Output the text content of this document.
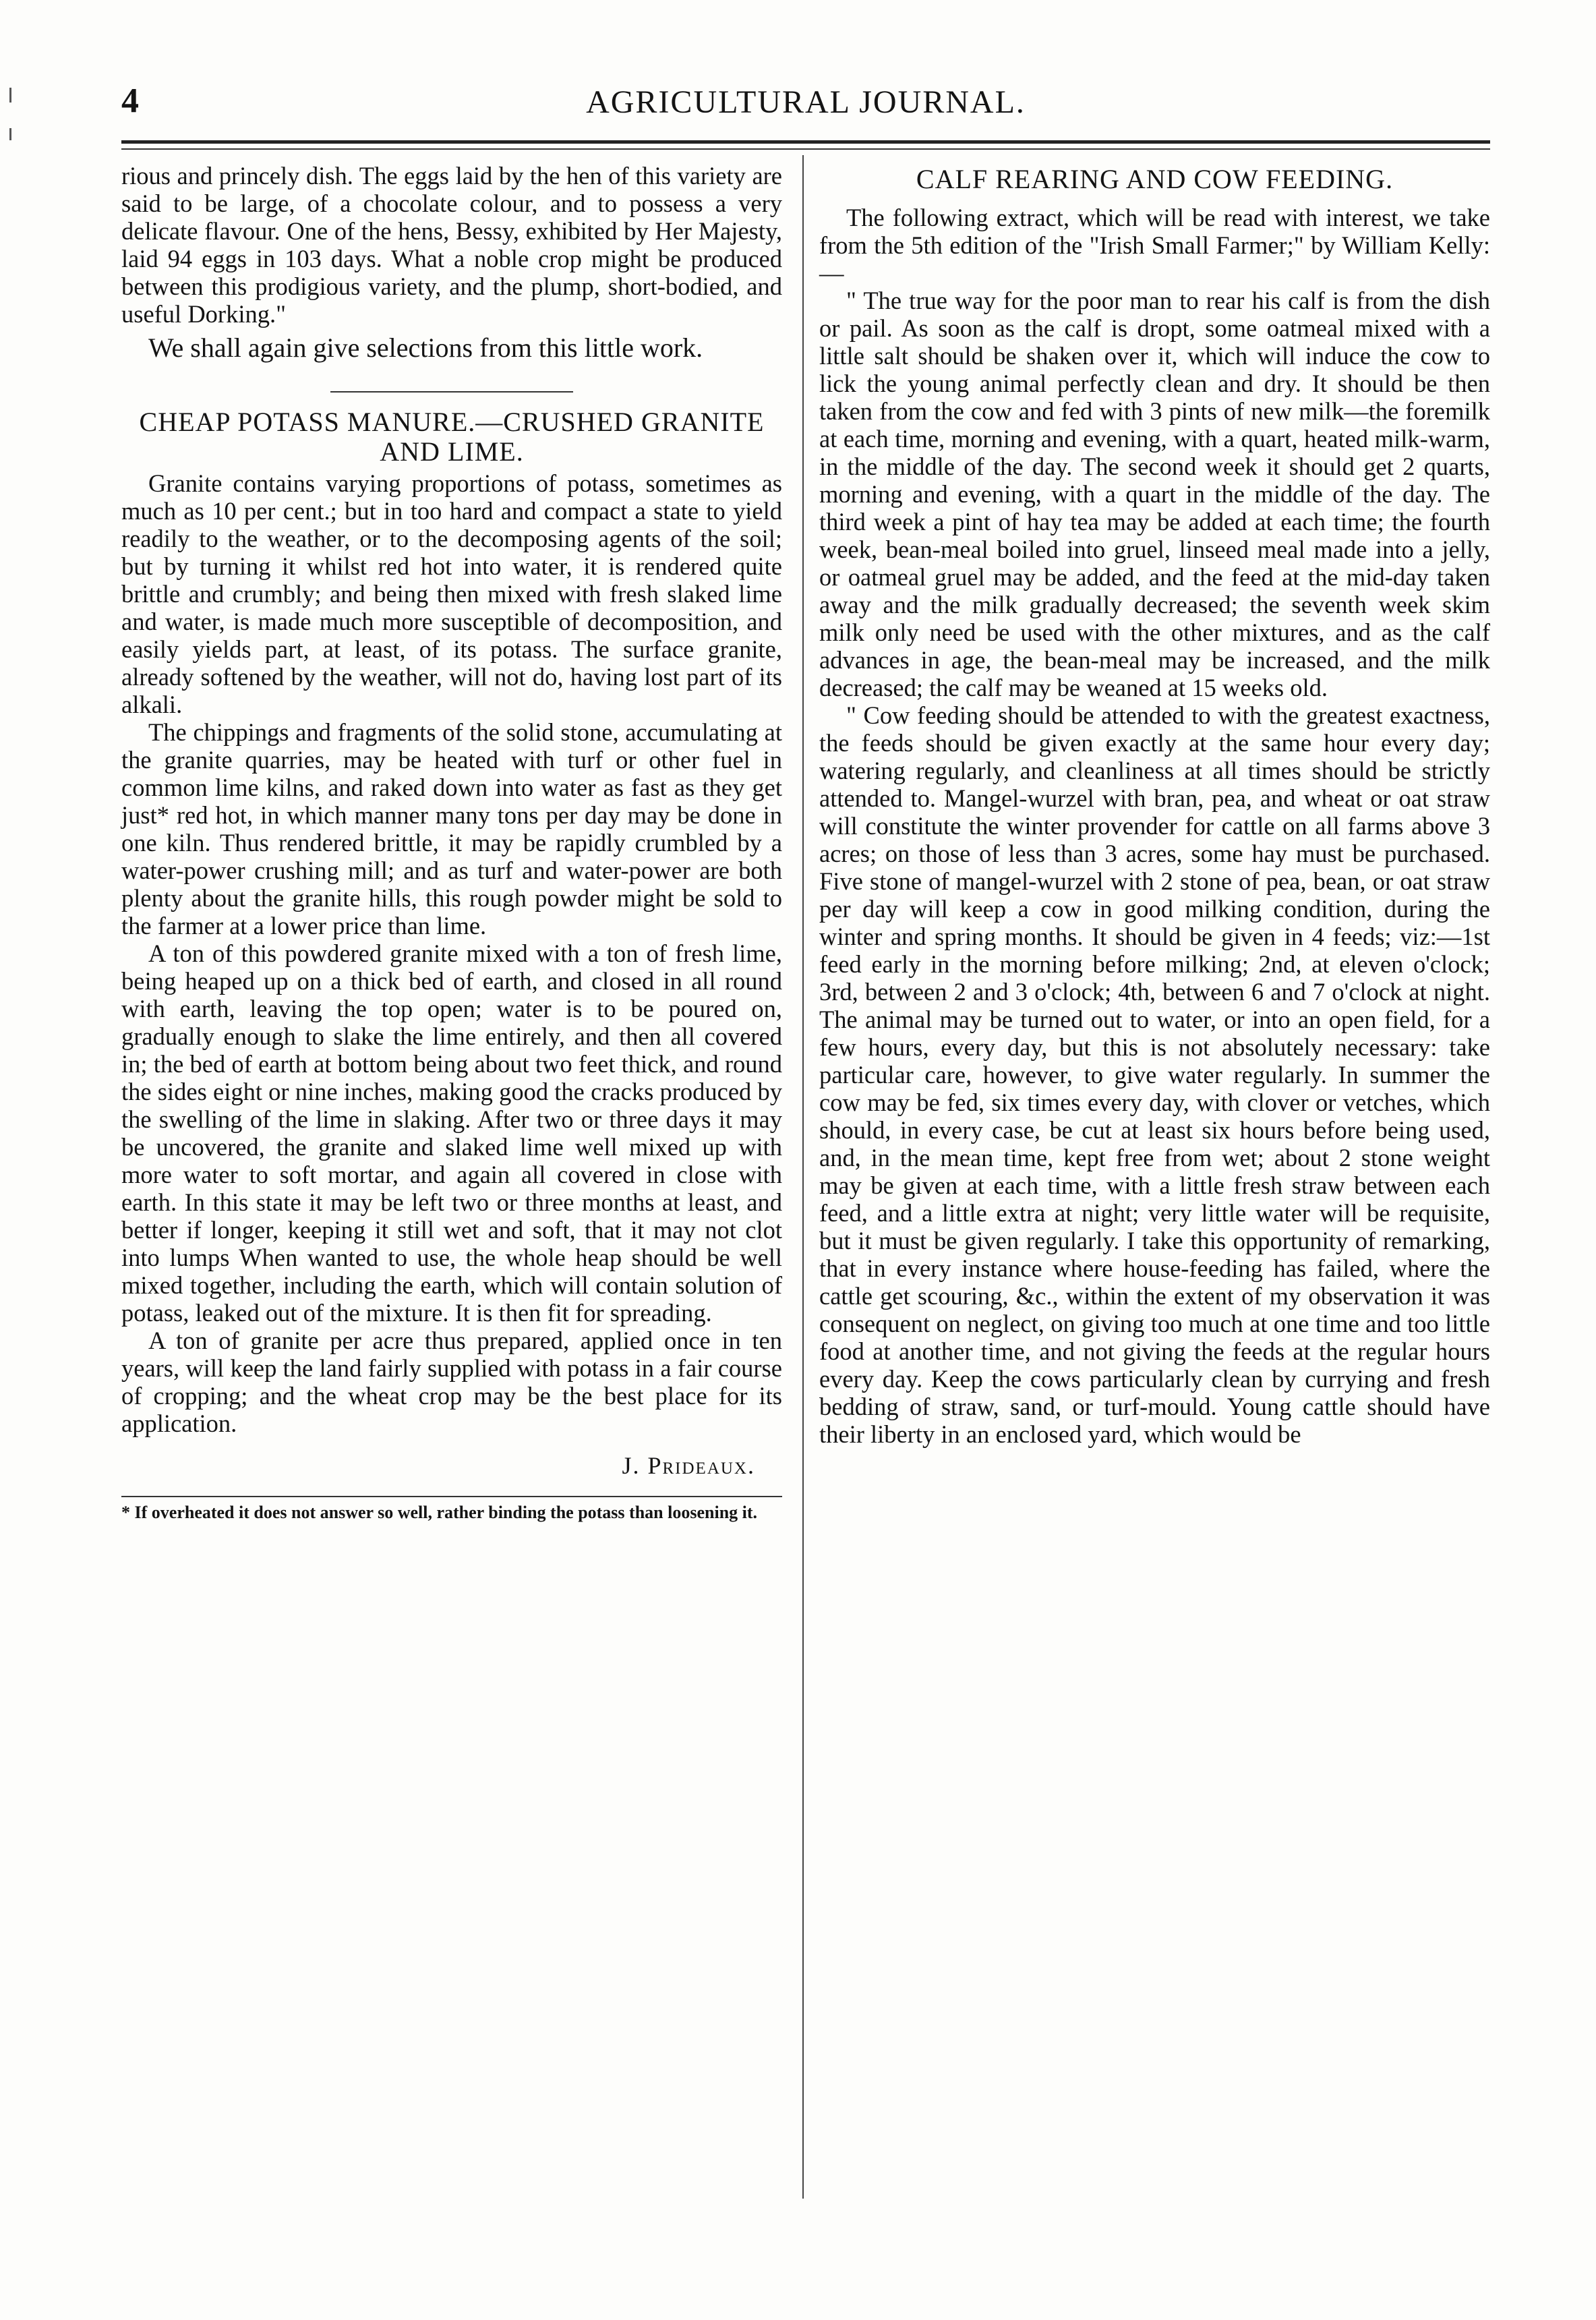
4	AGRICULTURAL JOURNAL.

rious and princely dish. The eggs laid by the hen of this variety are said to be large, of a chocolate colour, and to possess a very delicate flavour. One of the hens, Bessy, exhibited by Her Majesty, laid 94 eggs in 103 days. What a noble crop might be produced between this prodigious variety, and the plump, short-bodied, and useful Dorking."

We shall again give selections from this little work.

CHEAP POTASS MANURE.—CRUSHED GRANITE AND LIME.

Granite contains varying proportions of potass, sometimes as much as 10 per cent.; but in too hard and compact a state to yield readily to the weather, or to the decomposing agents of the soil; but by turning it whilst red hot into water, it is rendered quite brittle and crumbly; and being then mixed with fresh slaked lime and water, is made much more susceptible of decomposition, and easily yields part, at least, of its potass. The surface granite, already softened by the weather, will not do, having lost part of its alkali.

The chippings and fragments of the solid stone, accumulating at the granite quarries, may be heated with turf or other fuel in common lime kilns, and raked down into water as fast as they get just* red hot, in which manner many tons per day may be done in one kiln. Thus rendered brittle, it may be rapidly crumbled by a water-power crushing mill; and as turf and water-power are both plenty about the granite hills, this rough powder might be sold to the farmer at a lower price than lime.

A ton of this powdered granite mixed with a ton of fresh lime, being heaped up on a thick bed of earth, and closed in all round with earth, leaving the top open; water is to be poured on, gradually enough to slake the lime entirely, and then all covered in; the bed of earth at bottom being about two feet thick, and round the sides eight or nine inches, making good the cracks produced by the swelling of the lime in slaking. After two or three days it may be uncovered, the granite and slaked lime well mixed up with more water to soft mortar, and again all covered in close with earth. In this state it may be left two or three months at least, and better if longer, keeping it still wet and soft, that it may not clot into lumps When wanted to use, the whole heap should be well mixed together, including the earth, which will contain solution of potass, leaked out of the mixture. It is then fit for spreading.

A ton of granite per acre thus prepared, applied once in ten years, will keep the land fairly supplied with potass in a fair course of cropping; and the wheat crop may be the best place for its application.

J. Prideaux.

* If overheated it does not answer so well, rather binding the potass than loosening it.

CALF REARING AND COW FEEDING.

The following extract, which will be read with interest, we take from the 5th edition of the "Irish Small Farmer;" by William Kelly:—

" The true way for the poor man to rear his calf is from the dish or pail. As soon as the calf is dropt, some oatmeal mixed with a little salt should be shaken over it, which will induce the cow to lick the young animal perfectly clean and dry. It should be then taken from the cow and fed with 3 pints of new milk—the foremilk at each time, morning and evening, with a quart, heated milk-warm, in the middle of the day. The second week it should get 2 quarts, morning and evening, with a quart in the middle of the day. The third week a pint of hay tea may be added at each time; the fourth week, bean-meal boiled into gruel, linseed meal made into a jelly, or oatmeal gruel may be added, and the feed at the mid-day taken away and the milk gradually decreased; the seventh week skim milk only need be used with the other mixtures, and as the calf advances in age, the bean-meal may be increased, and the milk decreased; the calf may be weaned at 15 weeks old.

" Cow feeding should be attended to with the greatest exactness, the feeds should be given exactly at the same hour every day; watering regularly, and cleanliness at all times should be strictly attended to. Mangel-wurzel with bran, pea, and wheat or oat straw will constitute the winter provender for cattle on all farms above 3 acres; on those of less than 3 acres, some hay must be purchased. Five stone of mangel-wurzel with 2 stone of pea, bean, or oat straw per day will keep a cow in good milking condition, during the winter and spring months. It should be given in 4 feeds; viz:—1st feed early in the morning before milking; 2nd, at eleven o'clock; 3rd, between 2 and 3 o'clock; 4th, between 6 and 7 o'clock at night. The animal may be turned out to water, or into an open field, for a few hours, every day, but this is not absolutely necessary: take particular care, however, to give water regularly. In summer the cow may be fed, six times every day, with clover or vetches, which should, in every case, be cut at least six hours before being used, and, in the mean time, kept free from wet; about 2 stone weight may be given at each time, with a little fresh straw between each feed, and a little extra at night; very little water will be requisite, but it must be given regularly. I take this opportunity of remarking, that in every instance where house-feeding has failed, where the cattle get scouring, &c., within the extent of my observation it was consequent on neglect, on giving too much at one time and too little food at another time, and not giving the feeds at the regular hours every day. Keep the cows particularly clean by currying and fresh bedding of straw, sand, or turf-mould. Young cattle should have their liberty in an enclosed yard, which would be
